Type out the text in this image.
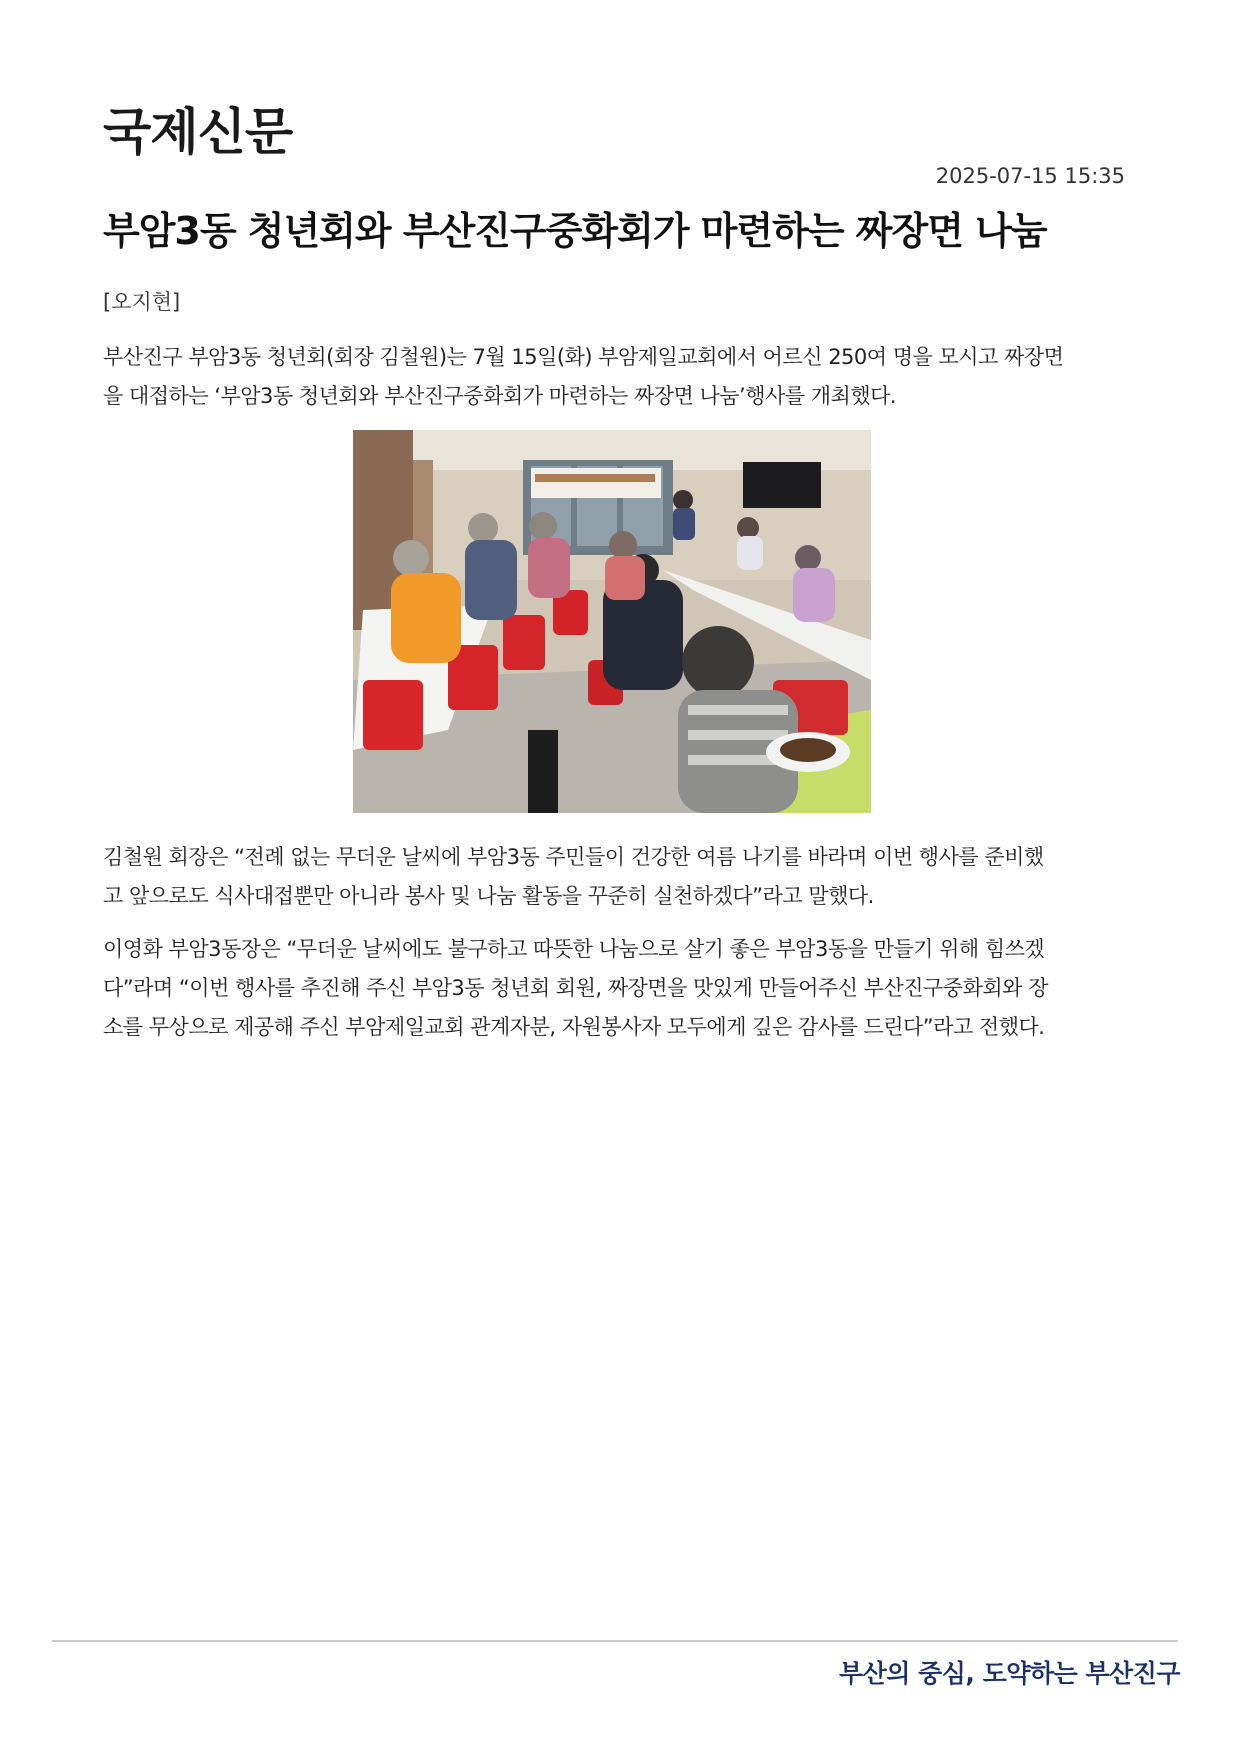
국제신문
2025-07-15 15:35
부암3동 청년회와 부산진구중화회가 마련하는 짜장면 나눔
[오지현]

부산진구 부암3동 청년회(회장 김철원)는 7월 15일(화) 부암제일교회에서 어르신 250여 명을 모시고 짜장면
을 대접하는 ‘부암3동 청년회와 부산진구중화회가 마련하는 짜장면 나눔’행사를 개최했다.

김철원 회장은 “전례 없는 무더운 날씨에 부암3동 주민들이 건강한 여름 나기를 바라며 이번 행사를 준비했
고 앞으로도 식사대접뿐만 아니라 봉사 및 나눔 활동을 꾸준히 실천하겠다”라고 말했다.

이영화 부암3동장은 “무더운 날씨에도 불구하고 따뜻한 나눔으로 살기 좋은 부암3동을 만들기 위해 힘쓰겠
다”라며 “이번 행사를 추진해 주신 부암3동 청년회 회원, 짜장면을 맛있게 만들어주신 부산진구중화회와 장
소를 무상으로 제공해 주신 부암제일교회 관계자분, 자원봉사자 모두에게 깊은 감사를 드린다”라고 전했다.

부산의 중심, 도약하는 부산진구
